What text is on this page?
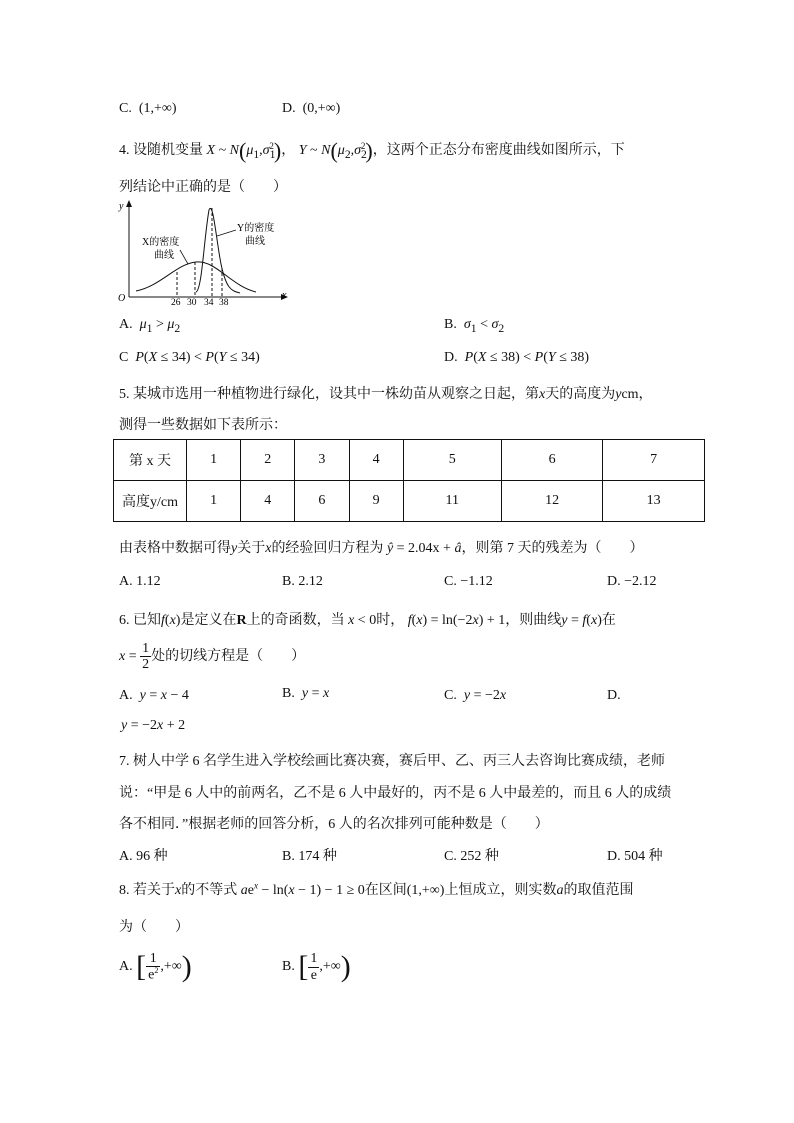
C. (1,+∞)	D. (0,+∞)
4. 设随机变量 X ~ $N(\mu_1,\sigma_1^2)$， Y ~ $N(\mu_2,\sigma_2^2)$，这两个正态分布密度曲线如图所示，下
列结论中正确的是（　　）
y
x
O
X的密度
曲线
Y的密度
曲线
26 30 34 38
A. $\mu_1 > \mu_2$	B. $\sigma_1 < \sigma_2$
C P(X ≤ 34) < P(Y ≤ 34)	D. P(X ≤ 38) < P(Y ≤ 38)
5. 某城市选用一种植物进行绿化，设其中一株幼苗从观察之日起，第x天的高度为ycm，
测得一些数据如下表所示：
第 x 天	1	2	3	4	5	6	7
高度y/cm	1	4	6	9	11	12	13
由表格中数据可得y关于x的经验回归方程为 ŷ = 2.04x + â，则第 7 天的残差为（　　）
A. 1.12	B. 2.12	C. −1.12	D. −2.12
6. 已知f(x)是定义在R上的奇函数，当 x < 0时， f(x) = ln(−2x) + 1，则曲线y = f(x)在
$x = \frac{1}{2}$ 处的切线方程是（　　）
A. y = x − 4	B. y = x	C. y = −2x	D.
y = −2x + 2
7. 树人中学 6 名学生进入学校绘画比赛决赛，赛后甲、乙、丙三人去咨询比赛成绩，老师
说：“甲是 6 人中的前两名，乙不是 6 人中最好的，丙不是 6 人中最差的，而且 6 人的成绩
各不相同．”根据老师的回答分析，6 人的名次排列可能种数是（　　）
A. 96 种	B. 174 种	C. 252 种	D. 504 种
8. 若关于x的不等式 $ae^x - \ln(x - 1) - 1 \ge 0$在区间(1,+∞)上恒成立，则实数a的取值范围
为（　　）
A. [ $\frac{1}{e^2}$ ,+∞)	B. [ $\frac{1}{e}$ ,+∞)
